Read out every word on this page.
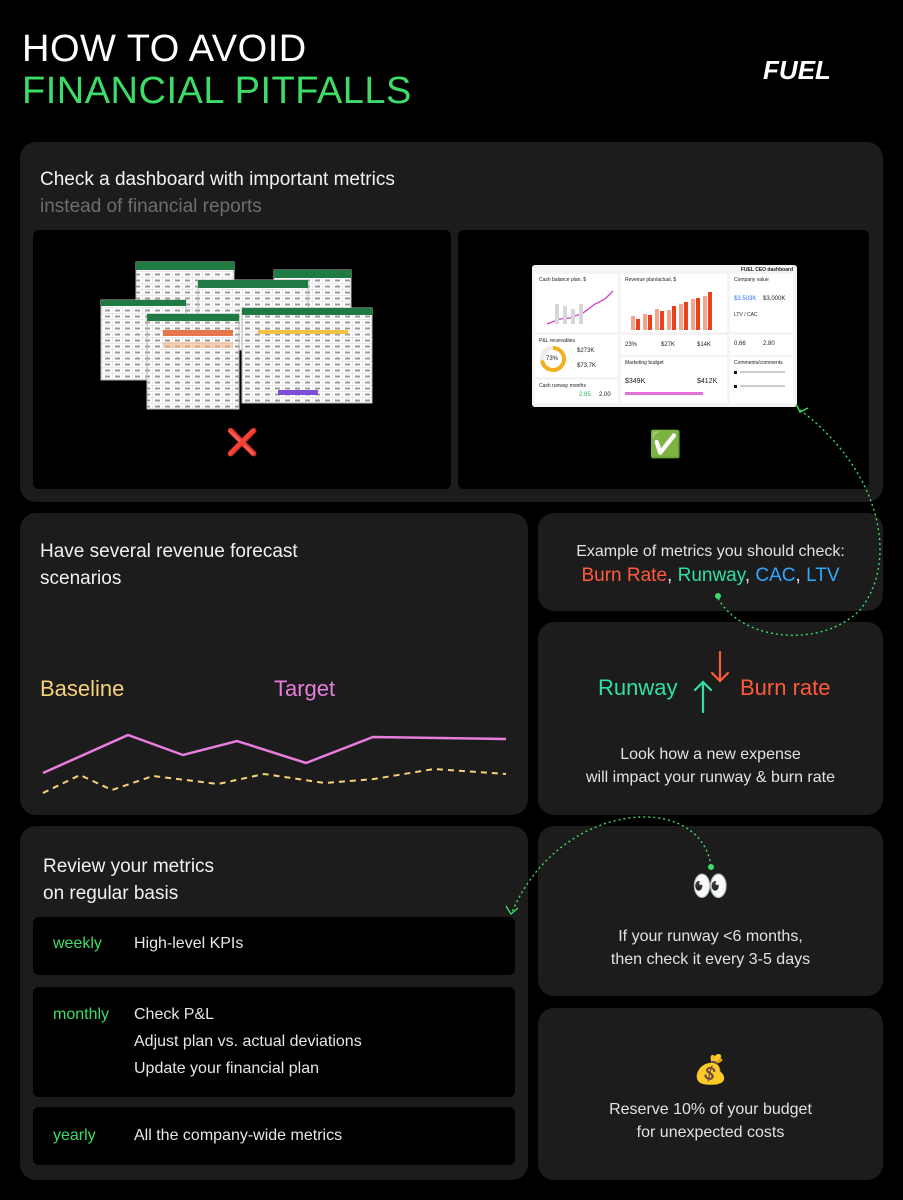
HOW TO AVOID
FINANCIAL PITFALLS	FUEL
Check a dashboard with important metrics
instead of financial reports
❌
FUEL CEO dashboard
Cash balance plan, $	Revenue plan/actual, $	Company value
$3,503K $3,000K
LTV / CAC
0.66	2.80
P&L receivables
73%
$273K
$73.7K
23%	$27K	$14K
Marketing budget
$349K	$412K
Cash runway months
2.85 2.00
Comments/comments
✅
Have several revenue forecast
scenarios
Baseline	Target
Example of metrics you should check:
Burn Rate, Runway, CAC, LTV
Runway	Burn rate
Look how a new expense
will impact your runway & burn rate
Review your metrics
on regular basis
weekly High-level KPIs
monthly Check P&L
Adjust plan vs. actual deviations
Update your financial plan
yearly All the company-wide metrics
👀
If your runway <6 months,
then check it every 3-5 days
💰
Reserve 10% of your budget
for unexpected costs
